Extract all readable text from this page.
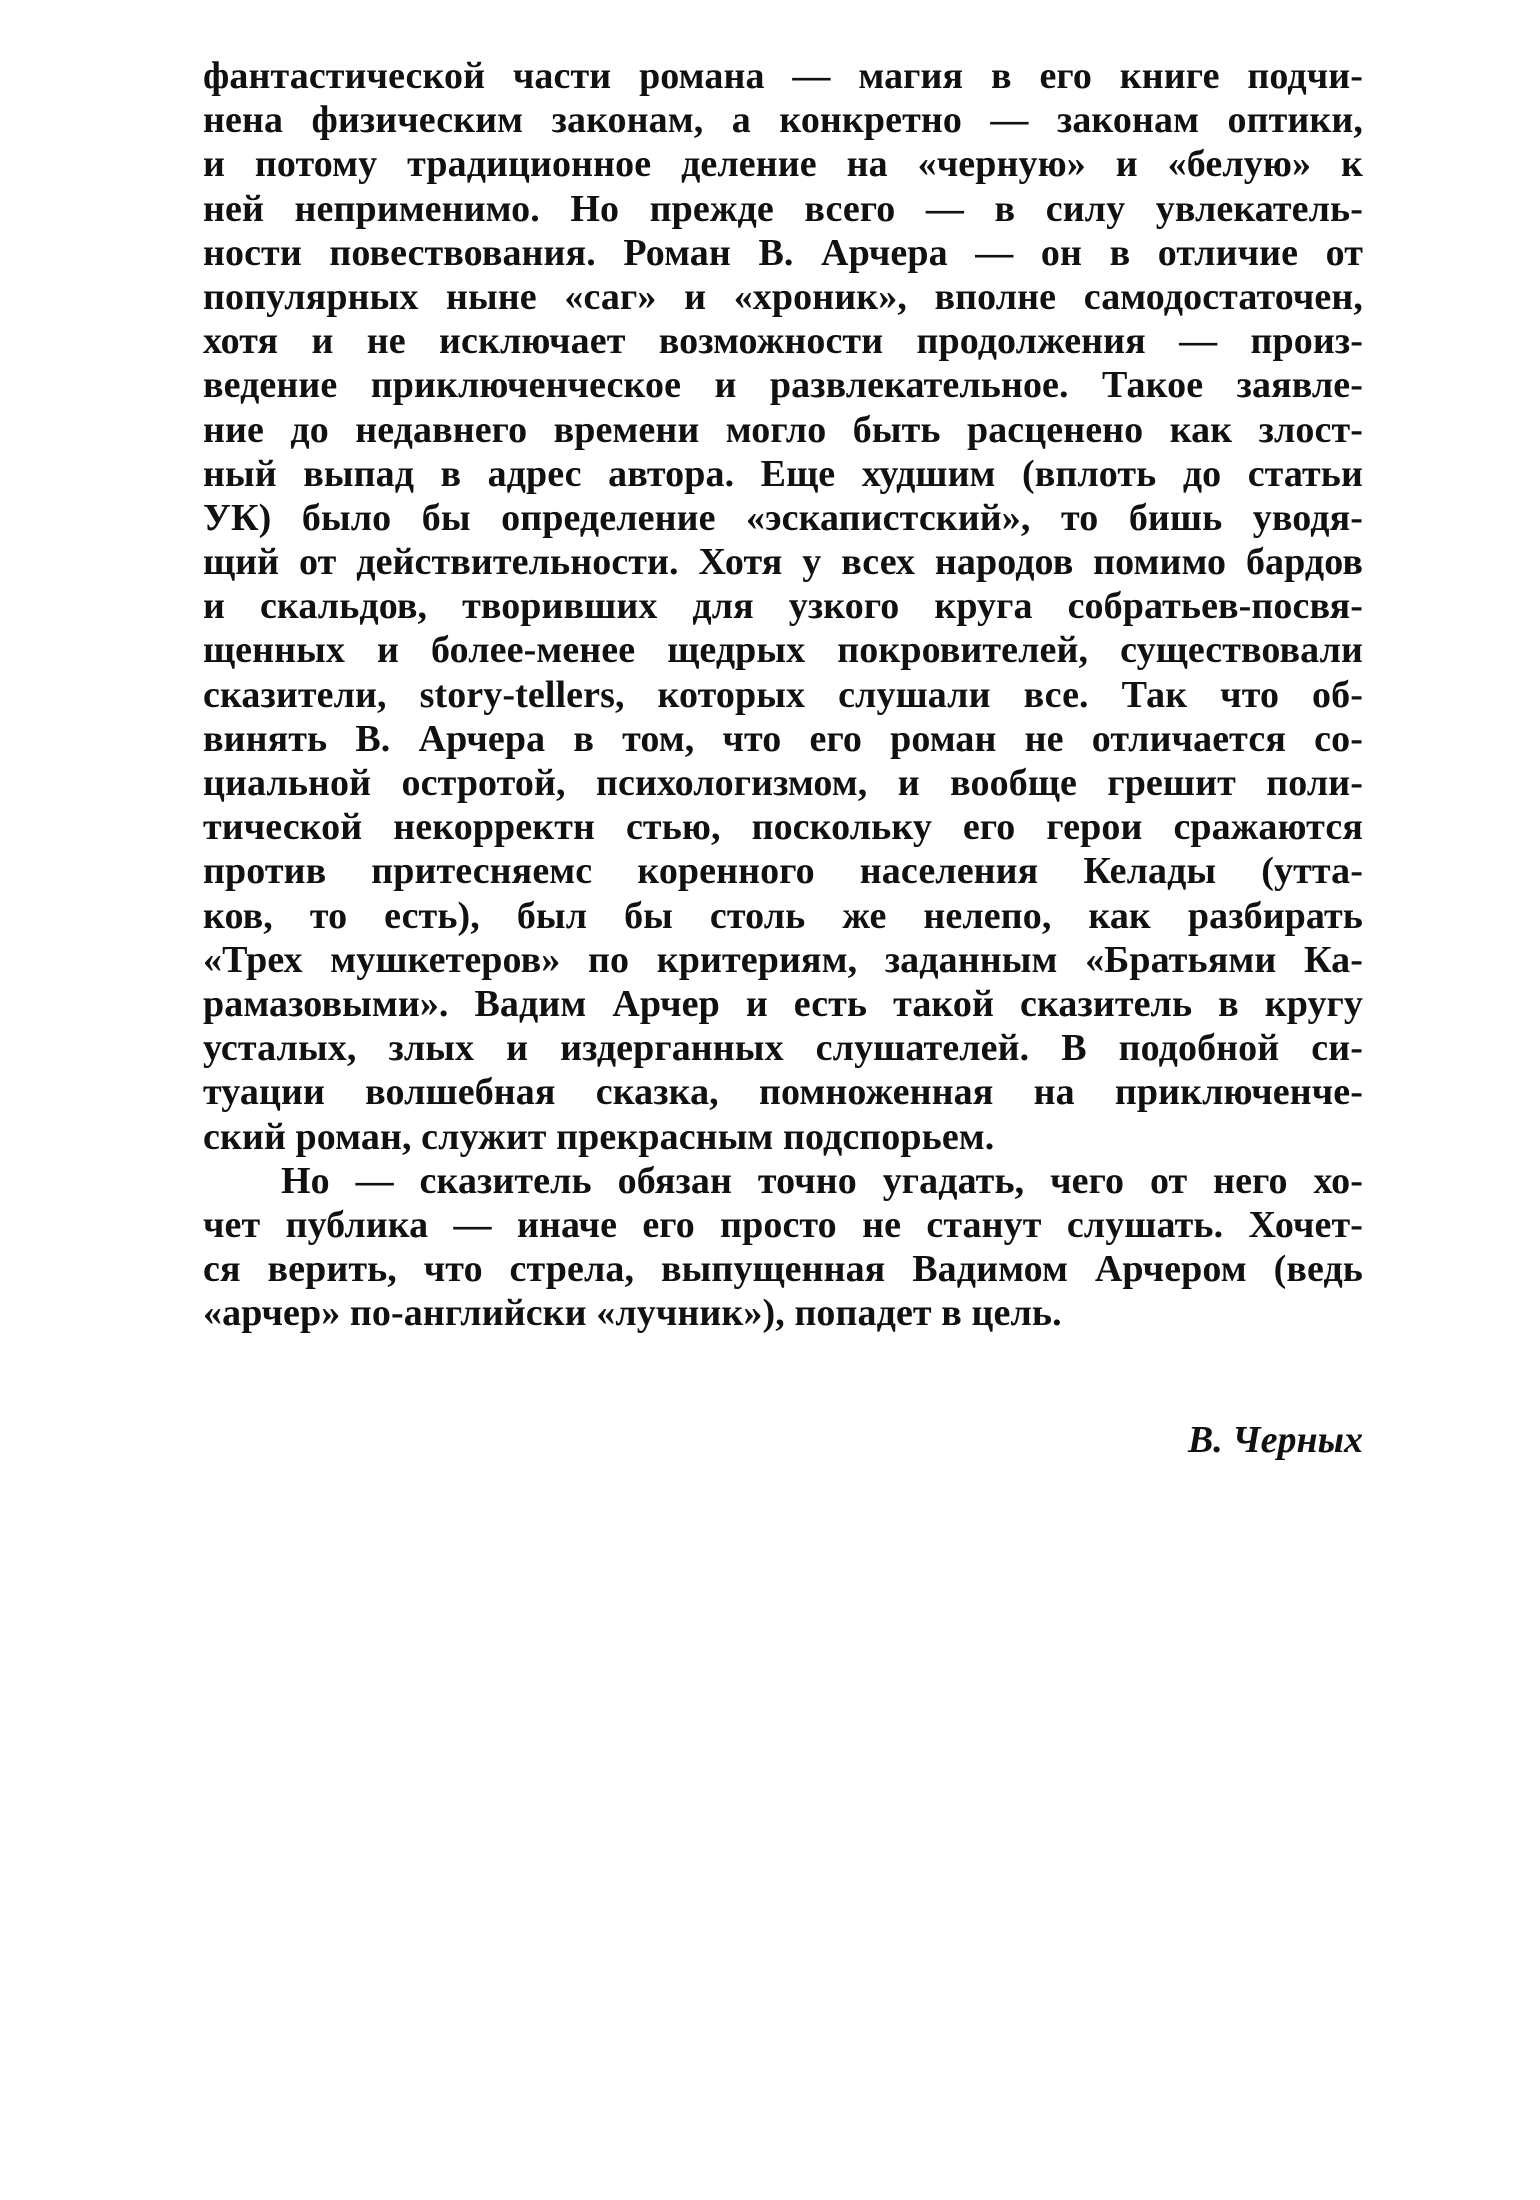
фантастической части романа — магия в его книге подчи-
нена физическим законам, а конкретно — законам оптики,
и потому традиционное деление на «черную» и «белую» к
ней неприменимо. Но прежде всего — в силу увлекатель-
ности повествования. Роман В. Арчера — он в отличие от
популярных ныне «саг» и «хроник», вполне самодостаточен,
хотя и не исключает возможности продолжения — произ-
ведение приключенческое и развлекательное. Такое заявле-
ние до недавнего времени могло быть расценено как злост-
ный выпад в адрес автора. Еще худшим (вплоть до статьи
УК) было бы определение «эскапистский», то бишь уводя-
щий от действительности. Хотя у всех народов помимо бардов
и скальдов, творивших для узкого круга собратьев-посвя-
щенных и более-менее щедрых покровителей, существовали
сказители, story-tellers, которых слушали все. Так что об-
винять В. Арчера в том, что его роман не отличается со-
циальной остротой, психологизмом, и вообще грешит поли-
тической некорректн стью, поскольку его герои сражаются
против притесняемс коренного населения Келады (утта-
ков, то есть), был бы столь же нелепо, как разбирать
«Трех мушкетеров» по критериям, заданным «Братьями Ка-
рамазовыми». Вадим Арчер и есть такой сказитель в кругу
усталых, злых и издерганных слушателей. В подобной си-
туации волшебная сказка, помноженная на приключенче-
ский роман, служит прекрасным подспорьем.
Но — сказитель обязан точно угадать, чего от него хо-
чет публика — иначе его просто не станут слушать. Хочет-
ся верить, что стрела, выпущенная Вадимом Арчером (ведь
«арчер» по-английски «лучник»), попадет в цель.
В. Черных
